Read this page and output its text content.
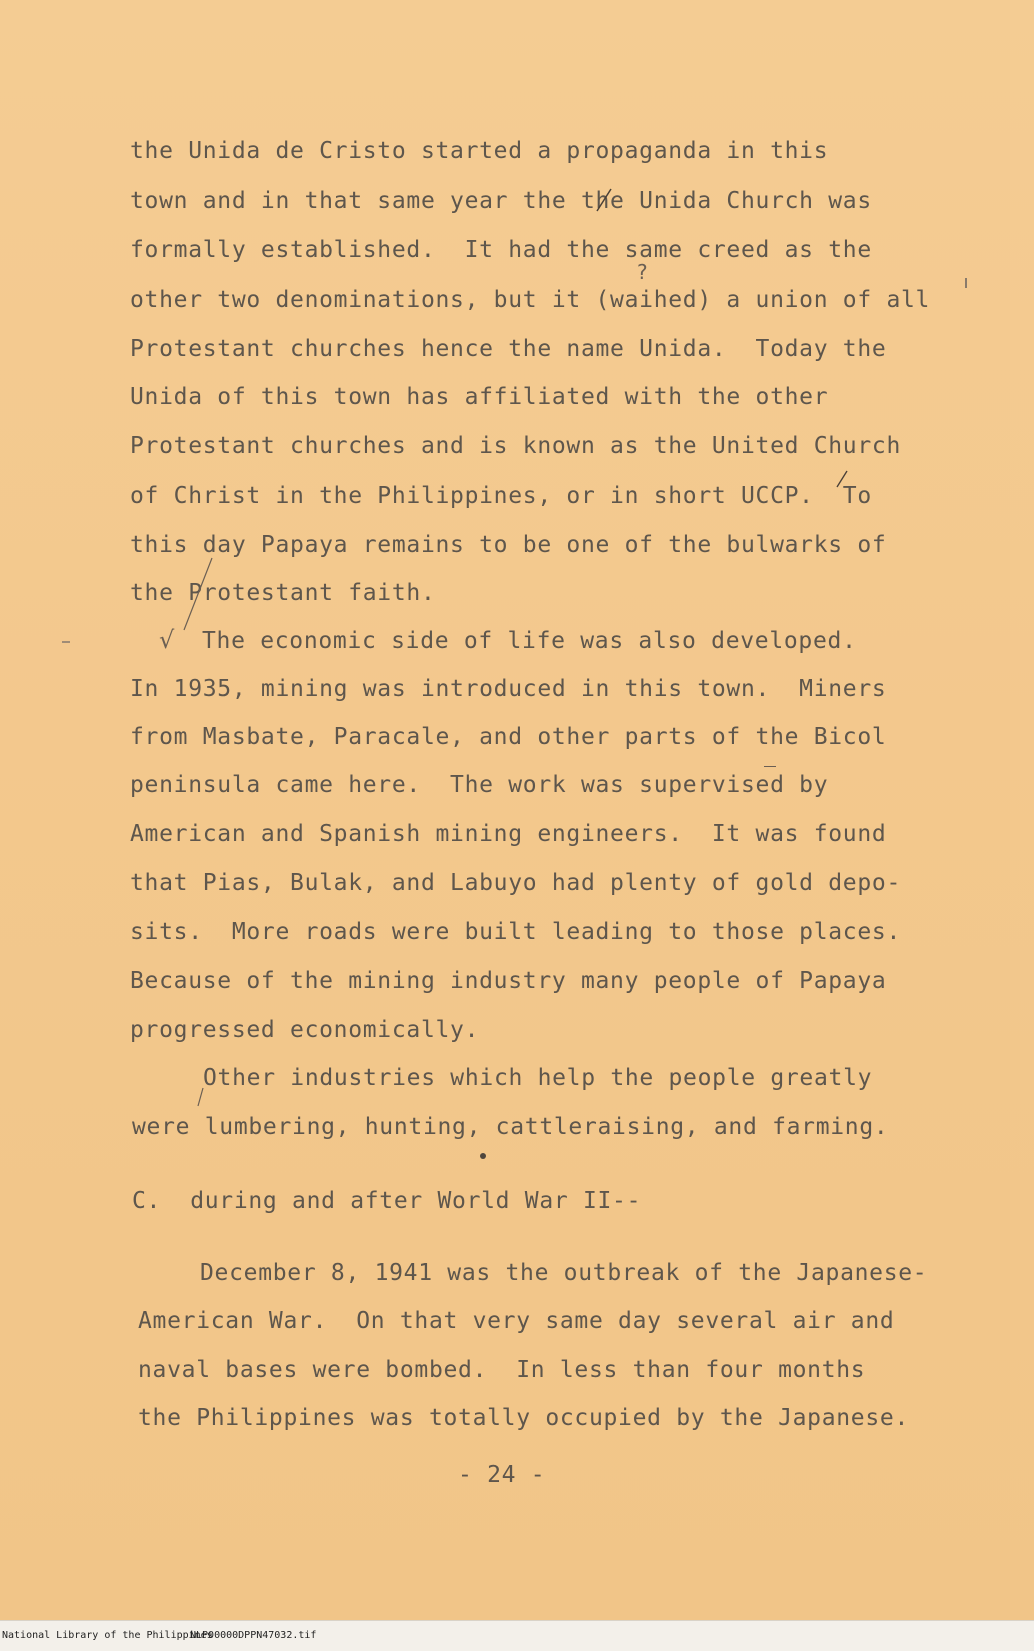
the Unida de Cristo started a propaganda in this
town and in that same year the the Unida Church was
formally established.  It had the same creed as the
other two denominations, but it (waihed) a union of all
Protestant churches hence the name Unida.  Today the
Unida of this town has affiliated with the other
Protestant churches and is known as the United Church
of Christ in the Philippines, or in short UCCP.  To
this day Papaya remains to be one of the bulwarks of
the Protestant faith.
The economic side of life was also developed.
In 1935, mining was introduced in this town.  Miners
from Masbate, Paracale, and other parts of the Bicol
peninsula came here.  The work was supervised by
American and Spanish mining engineers.  It was found
that Pias, Bulak, and Labuyo had plenty of gold depo-
sits.  More roads were built leading to those places.
Because of the mining industry many people of Papaya
progressed economically.
Other industries which help the people greatly
were lumbering, hunting, cattleraising, and farming.
C.  during and after World War II--
December 8, 1941 was the outbreak of the Japanese-
American War.  On that very same day several air and
naval bases were bombed.  In less than four months
the Philippines was totally occupied by the Japanese.
- 24 -
?
√
National Library of the Philippines
NLP00000DPPN47032.tif
